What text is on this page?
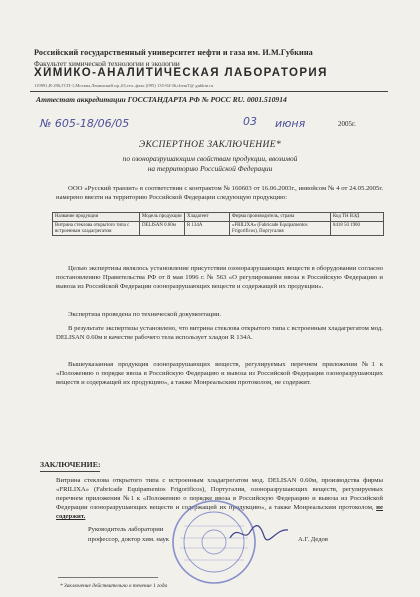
Российский государственный университет нефти и газа им. И.М.Губкина

Факультет химической технологии и экологии

ХИМИКО-АНАЛИТИЧЕСКАЯ ЛАБОРАТОРИЯ

119991,В-296,ГСП-1,Москва,Ленинский пр.,65,тел.,факс (095) 135-84-36,chemT@ gubkin.ru

Аттестат аккредитации ГОССТАНДАРТА РФ № РОСС RU. 0001.510914

№ 605-18/06/05	03 июня	2005г.

ЭКСПЕРТНОЕ ЗАКЛЮЧЕНИЕ*

по озоноразрушающим свойствам продукции, ввозимой

на территорию Российской Федерации

ООО «Русский транзит» в соответствии с контрактом № 160603 от 16.06.2003г., инвойсом № 4 от 24.05.2005г. намерено ввезти на территорию Российской Федерации следующую продукцию:

Название продукции	Модель продукции	Хладагент	Фирма производитель, страна	Код ТН ВЭД
Витрина стеклова открытого типа с встроенным хладагрегатом	DELISAN 0.60м	R 134A	«FRILIXA» (Fabricade Equipamentos Frigorificos), Португалия	8418 50 1900

Целью экспертизы являлось установление присутствия озоноразрушающих веществ в оборудовании согласно постановлению Правительства РФ от 8 мая 1996 г. № 563 «О регулировании ввоза в Российскую Федерацию и вывоза из Российской Федерации озоноразрушающих веществ и содержащей их продукции».

Экспертиза проведена по технической документации.

В результате экспертизы установлено, что витрина стеклова открытого типа с встроенным хладагрегатом мод. DELISAN 0.60м в качестве рабочего тела использует хладон R 134A.

Вышеуказанная продукция озоноразрушающих веществ, регулируемых перечнем приложения №1 к «Положению о порядке ввоза в Российскую Федерацию и вывоза из Российской Федерации озоноразрушающих веществ и содержащей их продукцию», а также Монреальским протоколом, не содержит.

ЗАКЛЮЧЕНИЕ:

Витрина стеклова открытого типа с встроенным хладагрегатом мод. DELISAN 0.60м, производства фирмы «FRILIXA» (Fabricade Equipamentos Frigorificos), Португалия, озоноразрушающих веществ, регулируемых перечнем приложения №1 к «Положению о порядке ввоза в Российскую Федерацию и вывоза из Российской Федерации озоноразрушающих веществ и содержащей их продукцию», а также Монреальским протоколом, не содержит.

Руководитель лаборатории

профессор, доктор хим. наук	А.Г. Дедов

* Заключение действительно в течение 1 года
